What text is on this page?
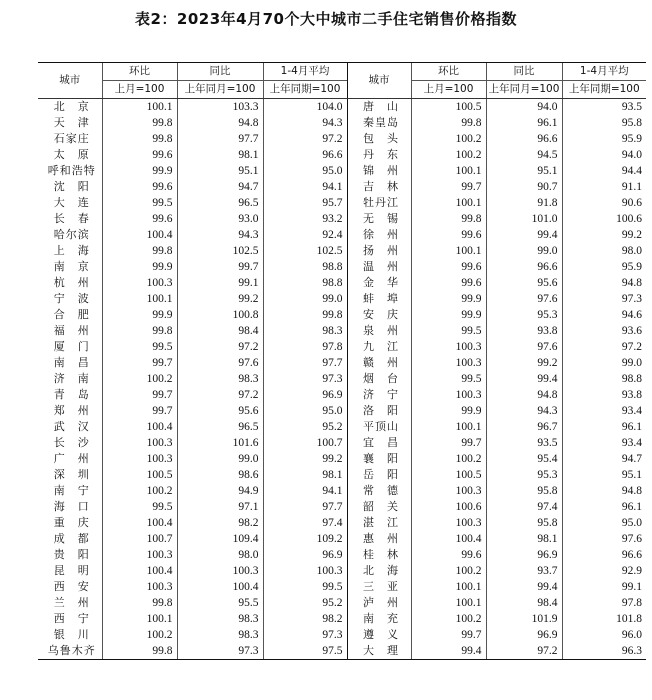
表2：2023年4月70个大中城市二手住宅销售价格指数
城市	环比	同比	1-4月平均	城市	环比	同比	1-4月平均
	上月=100	上年同月=100	上年同期=100		上月=100	上年同月=100	上年同期=100
北　京	100.1	103.3	104.0	唐　山	100.5	94.0	93.5
天　津	99.8	94.8	94.3	秦皇岛	99.8	96.1	95.8
石家庄	99.8	97.7	97.2	包　头	100.2	96.6	95.9
太　原	99.6	98.1	96.6	丹　东	100.2	94.5	94.0
呼和浩特	99.9	95.1	95.0	锦　州	100.1	95.1	94.4
沈　阳	99.6	94.7	94.1	吉　林	99.7	90.7	91.1
大　连	99.5	96.5	95.7	牡丹江	100.1	91.8	90.6
长　春	99.6	93.0	93.2	无　锡	99.8	101.0	100.6
哈尔滨	100.4	94.3	92.4	徐　州	99.6	99.4	99.2
上　海	99.8	102.5	102.5	扬　州	100.1	99.0	98.0
南　京	99.9	99.7	98.8	温　州	99.6	96.6	95.9
杭　州	100.3	99.1	98.8	金　华	99.6	95.6	94.8
宁　波	100.1	99.2	99.0	蚌　埠	99.9	97.6	97.3
合　肥	99.9	100.8	99.8	安　庆	99.9	95.3	94.6
福　州	99.8	98.4	98.3	泉　州	99.5	93.8	93.6
厦　门	99.5	97.2	97.8	九　江	100.3	97.6	97.2
南　昌	99.7	97.6	97.7	赣　州	100.3	99.2	99.0
济　南	100.2	98.3	97.3	烟　台	99.5	99.4	98.8
青　岛	99.7	97.2	96.9	济　宁	100.3	94.8	93.8
郑　州	99.7	95.6	95.0	洛　阳	99.9	94.3	93.4
武　汉	100.4	96.5	95.2	平顶山	100.1	96.7	96.1
长　沙	100.3	101.6	100.7	宜　昌	99.7	93.5	93.4
广　州	100.3	99.0	99.2	襄　阳	100.2	95.4	94.7
深　圳	100.5	98.6	98.1	岳　阳	100.5	95.3	95.1
南　宁	100.2	94.9	94.1	常　德	100.3	95.8	94.8
海　口	99.5	97.1	97.7	韶　关	100.6	97.4	96.1
重　庆	100.4	98.2	97.4	湛　江	100.3	95.8	95.0
成　都	100.7	109.4	109.2	惠　州	100.4	98.1	97.6
贵　阳	100.3	98.0	96.9	桂　林	99.6	96.9	96.6
昆　明	100.4	100.3	100.3	北　海	100.2	93.7	92.9
西　安	100.3	100.4	99.5	三　亚	100.1	99.4	99.1
兰　州	99.8	95.5	95.2	泸　州	100.1	98.4	97.8
西　宁	100.1	98.3	98.2	南　充	100.2	101.9	101.8
银　川	100.2	98.3	97.3	遵　义	99.7	96.9	96.0
乌鲁木齐	99.8	97.3	97.5	大　理	99.4	97.2	96.3
